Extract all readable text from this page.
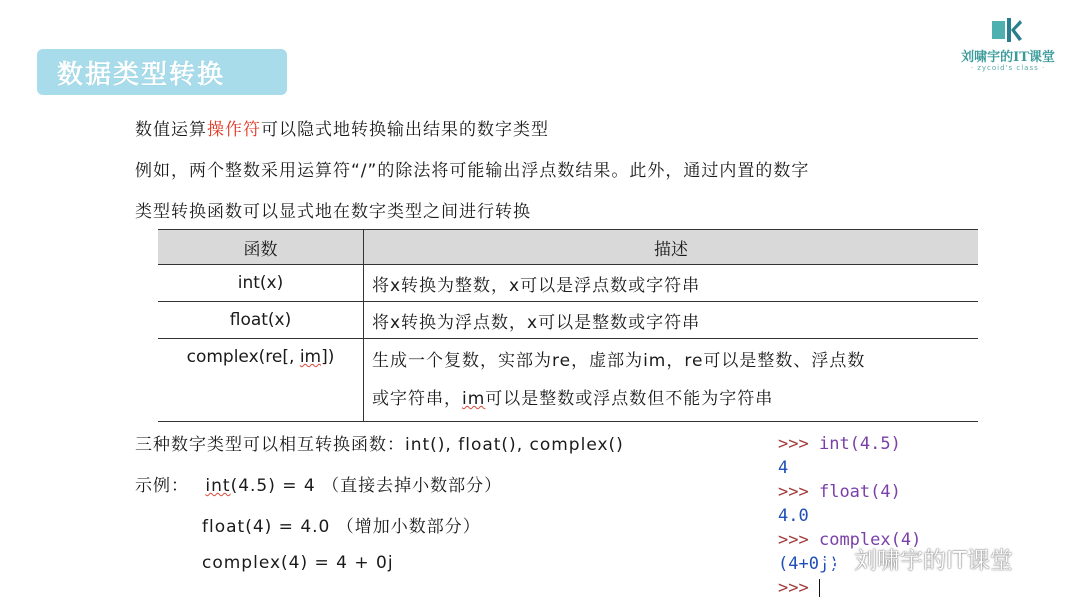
数据类型转换
刘啸宇的IT课堂
· zycoid's class ·
数值运算操作符可以隐式地转换输出结果的数字类型
例如，两个整数采用运算符“/”的除法将可能输出浮点数结果。此外，通过内置的数字
类型转换函数可以显式地在数字类型之间进行转换
函数	描述
int(x)	将x转换为整数，x可以是浮点数或字符串
float(x)	将x转换为浮点数，x可以是整数或字符串
complex(re[, im])	生成一个复数，实部为re，虚部为im，re可以是整数、浮点数
或字符串，im可以是整数或浮点数但不能为字符串
三种数字类型可以相互转换函数：int(), float(), complex()
示例： int(4.5) = 4 （直接去掉小数部分）
float(4) = 4.0 （增加小数部分）
complex(4) = 4 + 0j
>>> int(4.5)
4
>>> float(4)
4.0
>>> complex(4)
(4+0j)
>>>
刘啸宇的IT课堂
